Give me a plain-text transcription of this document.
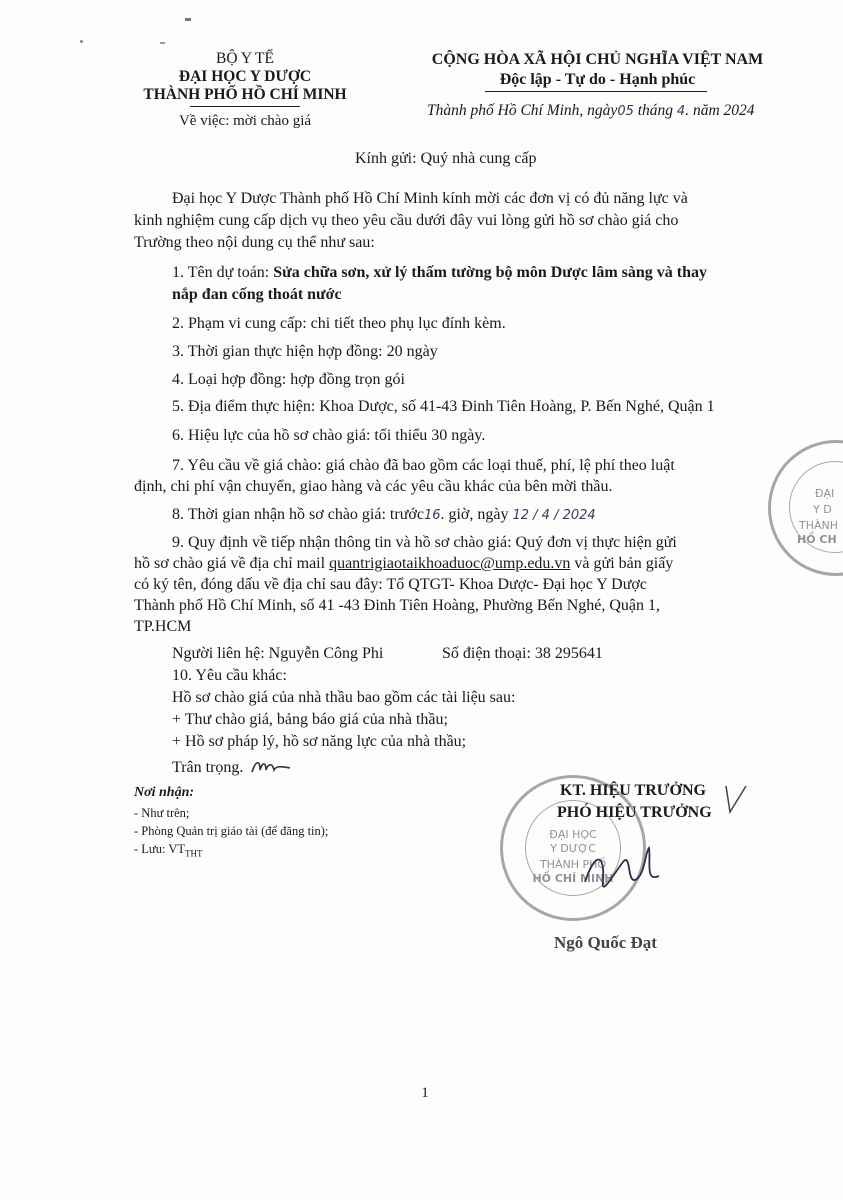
BỘ Y TẾ
ĐẠI HỌC Y DƯỢC
THÀNH PHỐ HỒ CHÍ MINH
Về việc: mời chào giá
CỘNG HÒA XÃ HỘI CHỦ NGHĨA VIỆT NAM
Độc lập - Tự do - Hạnh phúc
Thành phố Hồ Chí Minh, ngày05 tháng 4. năm 2024
Kính gửi: Quý nhà cung cấp
Đại học Y Dược Thành phố Hồ Chí Minh kính mời các đơn vị có đủ năng lực và
kinh nghiệm cung cấp dịch vụ theo yêu cầu dưới đây vui lòng gửi hồ sơ chào giá cho
Trường theo nội dung cụ thể như sau:
1. Tên dự toán: Sửa chữa sơn, xử lý thấm tường bộ môn Dược lâm sàng và thay
nắp đan cống thoát nước
2. Phạm vi cung cấp: chi tiết theo phụ lục đính kèm.
3. Thời gian thực hiện hợp đồng: 20 ngày
4. Loại hợp đồng: hợp đồng trọn gói
5. Địa điểm thực hiện: Khoa Dược, số 41-43 Đinh Tiên Hoàng, P. Bến Nghé, Quận 1
6. Hiệu lực của hồ sơ chào giá: tối thiểu 30 ngày.
7. Yêu cầu về giá chào: giá chào đã bao gồm các loại thuế, phí, lệ phí theo luật
định, chi phí vận chuyển, giao hàng và các yêu cầu khác của bên mời thầu.
8. Thời gian nhận hồ sơ chào giá: trước16. giờ, ngày 12 / 4 / 2024
9. Quy định về tiếp nhận thông tin và hồ sơ chào giá: Quý đơn vị thực hiện gửi
hồ sơ chào giá về địa chỉ mail quantrigiaotaikhoaduoc@ump.edu.vn và gửi bản giấy
có ký tên, đóng dấu về địa chỉ sau đây: Tổ QTGT- Khoa Dược- Đại học Y Dược
Thành phố Hồ Chí Minh, số 41 -43 Đinh Tiên Hoàng, Phường Bến Nghé, Quận 1,
TP.HCM
Người liên hệ: Nguyễn Công Phi	Số điện thoại: 38 295641
10. Yêu cầu khác:
Hồ sơ chào giá của nhà thầu bao gồm các tài liệu sau:
+ Thư chào giá, bảng báo giá của nhà thầu;
+ Hồ sơ pháp lý, hồ sơ năng lực của nhà thầu;
Trân trọng.
Nơi nhận:
- Như trên;
- Phòng Quản trị giáo tài (để đăng tin);
- Lưu: $VT_{THT}$
ĐẠI HỌC
Y DƯỢC
THÀNH PHỐ
HỒ CHÍ MINH
KT. HIỆU TRƯỞNG
PHÓ HIỆU TRƯỞNG
Ngô Quốc Đạt
ĐẠI
Y D
THÀNH
HỒ CH
1
